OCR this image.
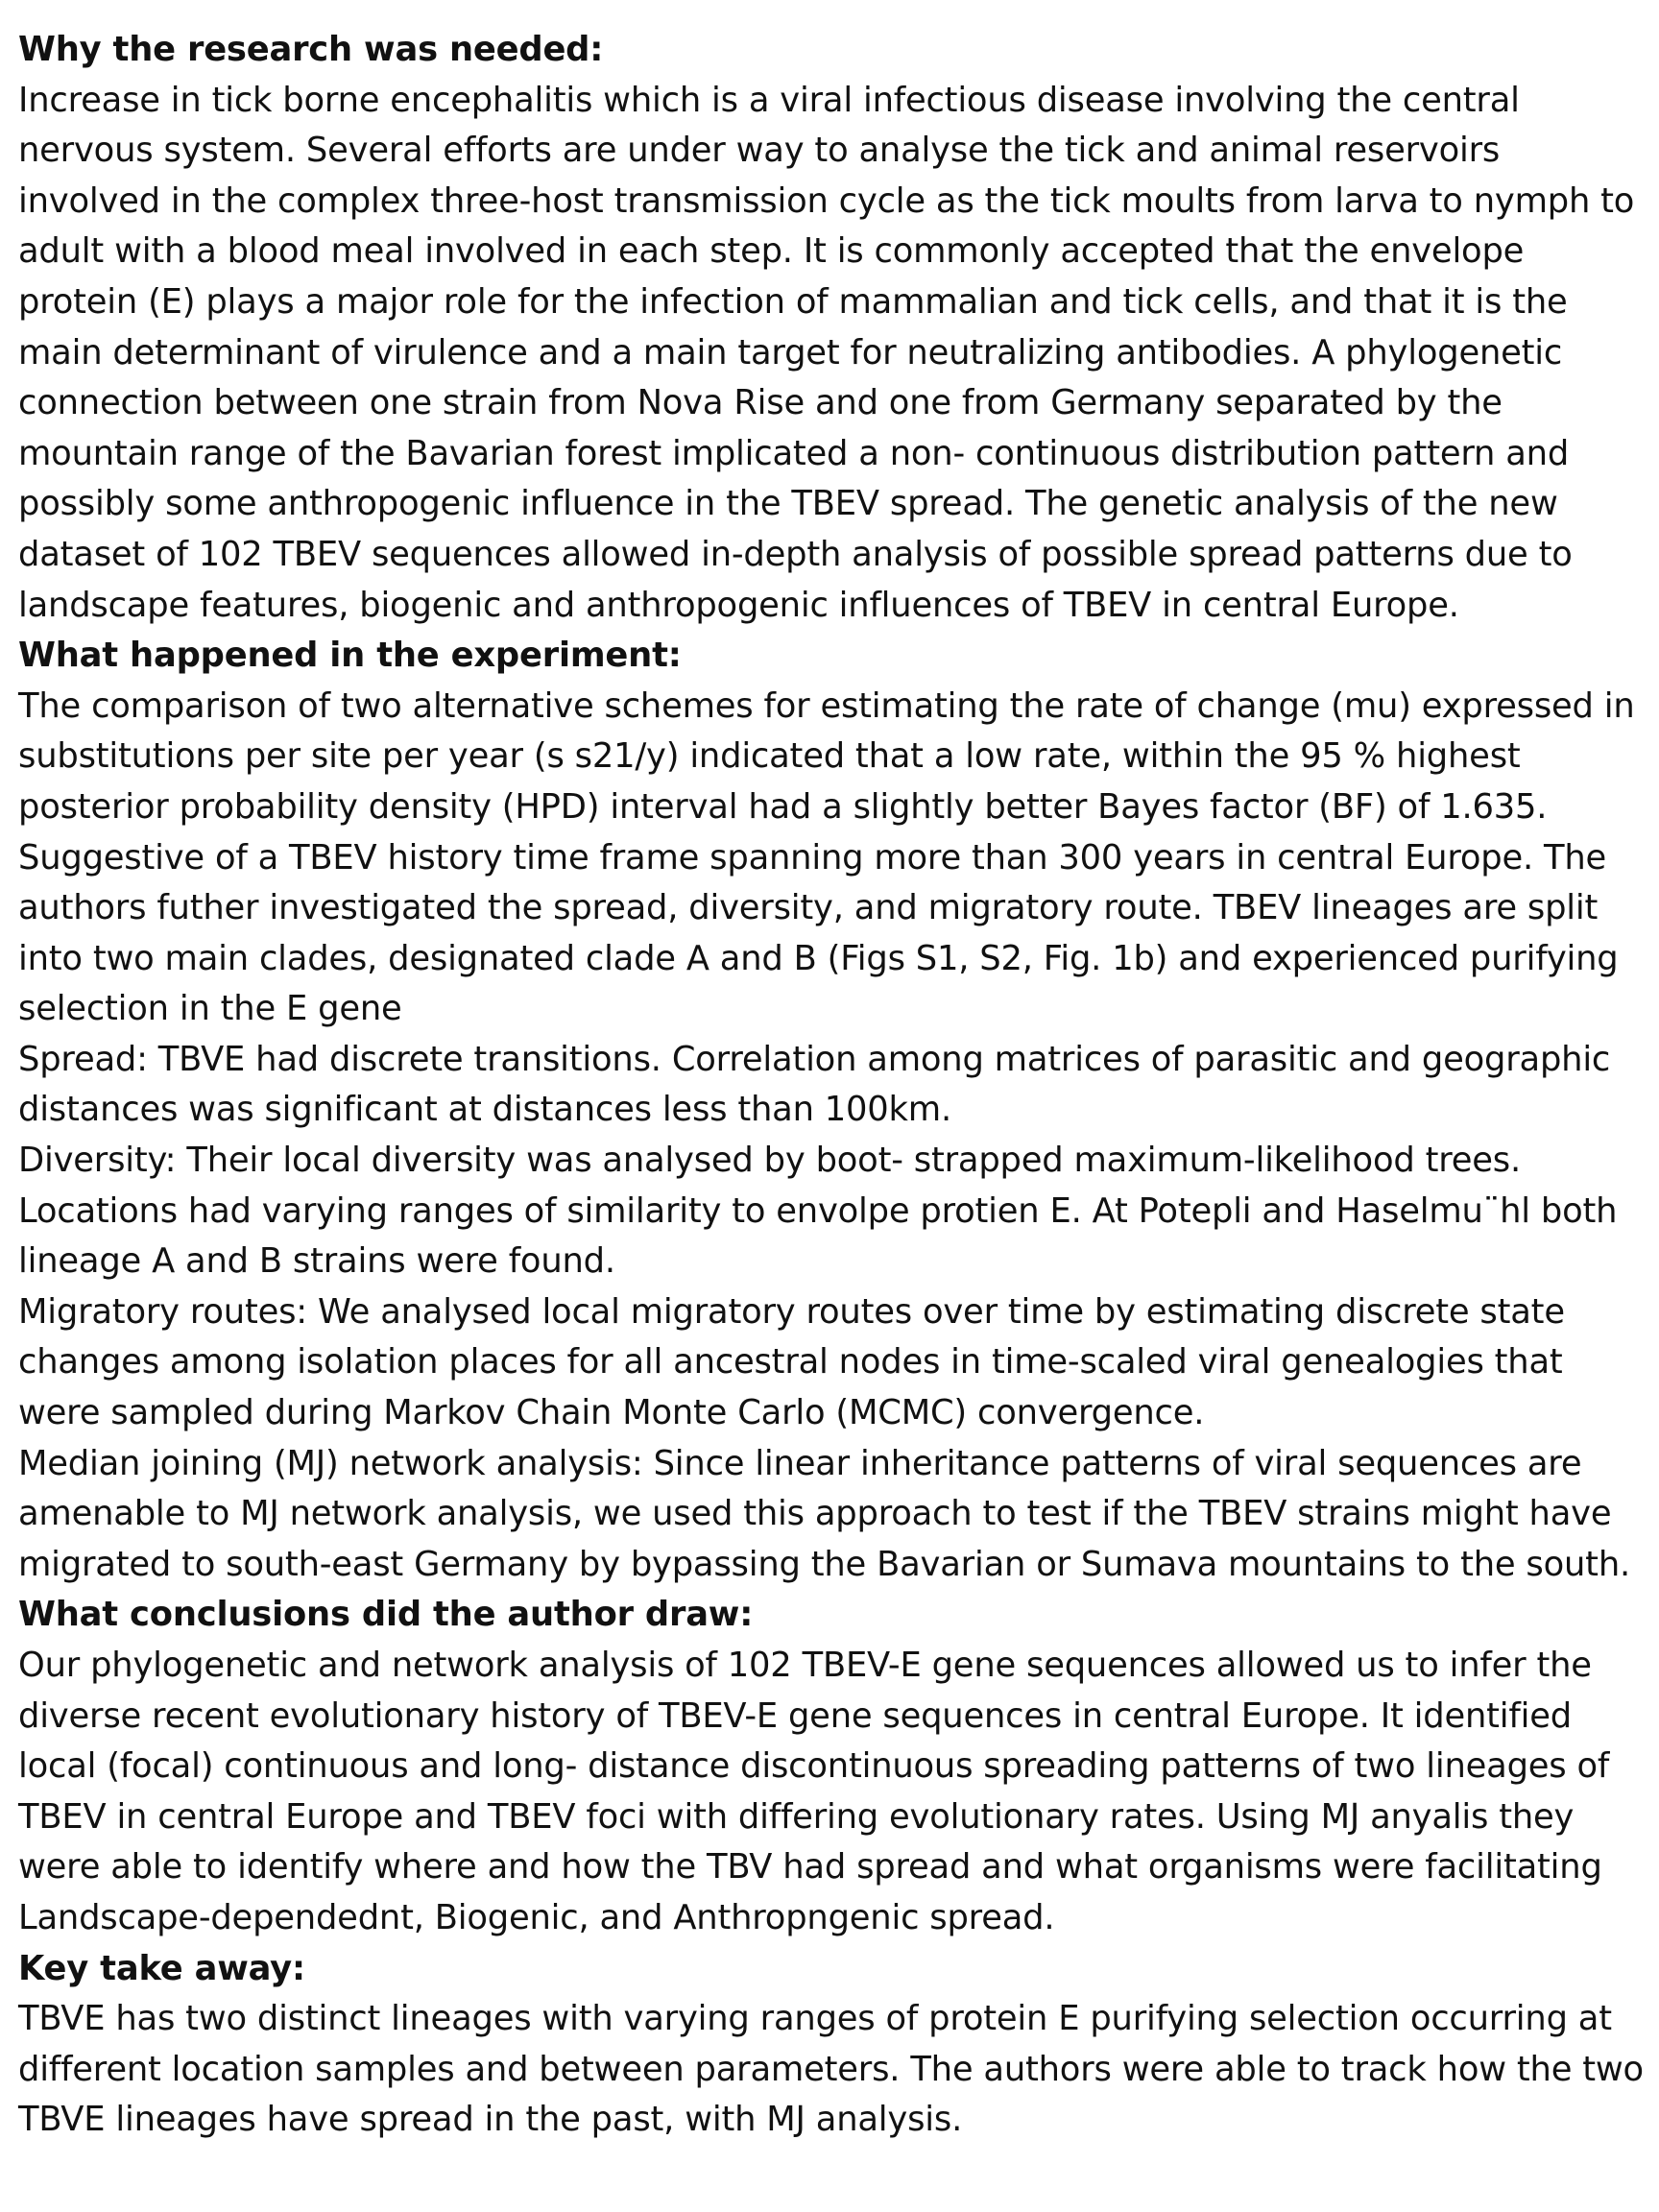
Why the research was needed:

Increase in tick borne encephalitis which is a viral infectious disease involving the central nervous system. Several efforts are under way to analyse the tick and animal reservoirs involved in the complex three-host transmission cycle as the tick moults from larva to nymph to adult with a blood meal involved in each step. It is commonly accepted that the envelope protein (E) plays a major role for the infection of mammalian and tick cells, and that it is the main determinant of virulence and a main target for neutralizing antibodies. A phylogenetic connection between one strain from Nova Rise and one from Germany separated by the mountain range of the Bavarian forest implicated a non- continuous distribution pattern and possibly some anthropogenic influence in the TBEV spread. The genetic analysis of the new dataset of 102 TBEV sequences allowed in-depth analysis of possible spread patterns due to landscape features, biogenic and anthropogenic influences of TBEV in central Europe.

What happened in the experiment:

The comparison of two alternative schemes for estimating the rate of change (mu) expressed in substitutions per site per year (s s21/y) indicated that a low rate, within the 95 % highest posterior probability density (HPD) interval had a slightly better Bayes factor (BF) of 1.635. Suggestive of a TBEV history time frame spanning more than 300 years in central Europe. The authors futher investigated the spread, diversity, and migratory route. TBEV lineages are split into two main clades, designated clade A and B (Figs S1, S2, Fig. 1b) and experienced purifying selection in the E gene

Spread: TBVE had discrete transitions. Correlation among matrices of parasitic and geographic distances was significant at distances less than 100km.

Diversity: Their local diversity was analysed by boot- strapped maximum-likelihood trees. Locations had varying ranges of similarity to envolpe protien E. At Potepli and Haselmu¨hl both lineage A and B strains were found.

Migratory routes: We analysed local migratory routes over time by estimating discrete state changes among isolation places for all ancestral nodes in time-scaled viral genealogies that were sampled during Markov Chain Monte Carlo (MCMC) convergence.

Median joining (MJ) network analysis: Since linear inheritance patterns of viral sequences are amenable to MJ network analysis, we used this approach to test if the TBEV strains might have migrated to south-east Germany by bypassing the Bavarian or Sumava mountains to the south.

What conclusions did the author draw:

Our phylogenetic and network analysis of 102 TBEV-E gene sequences allowed us to infer the diverse recent evolutionary history of TBEV-E gene sequences in central Europe. It identified local (focal) continuous and long- distance discontinuous spreading patterns of two lineages of TBEV in central Europe and TBEV foci with differing evolutionary rates. Using MJ anyalis they were able to identify where and how the TBV had spread and what organisms were facilitating Landscape-dependednt, Biogenic, and Anthropngenic spread.

Key take away:

TBVE has two distinct lineages with varying ranges of protein E purifying selection occurring at different location samples and between parameters. The authors were able to track how the two TBVE lineages have spread in the past, with MJ analysis.
